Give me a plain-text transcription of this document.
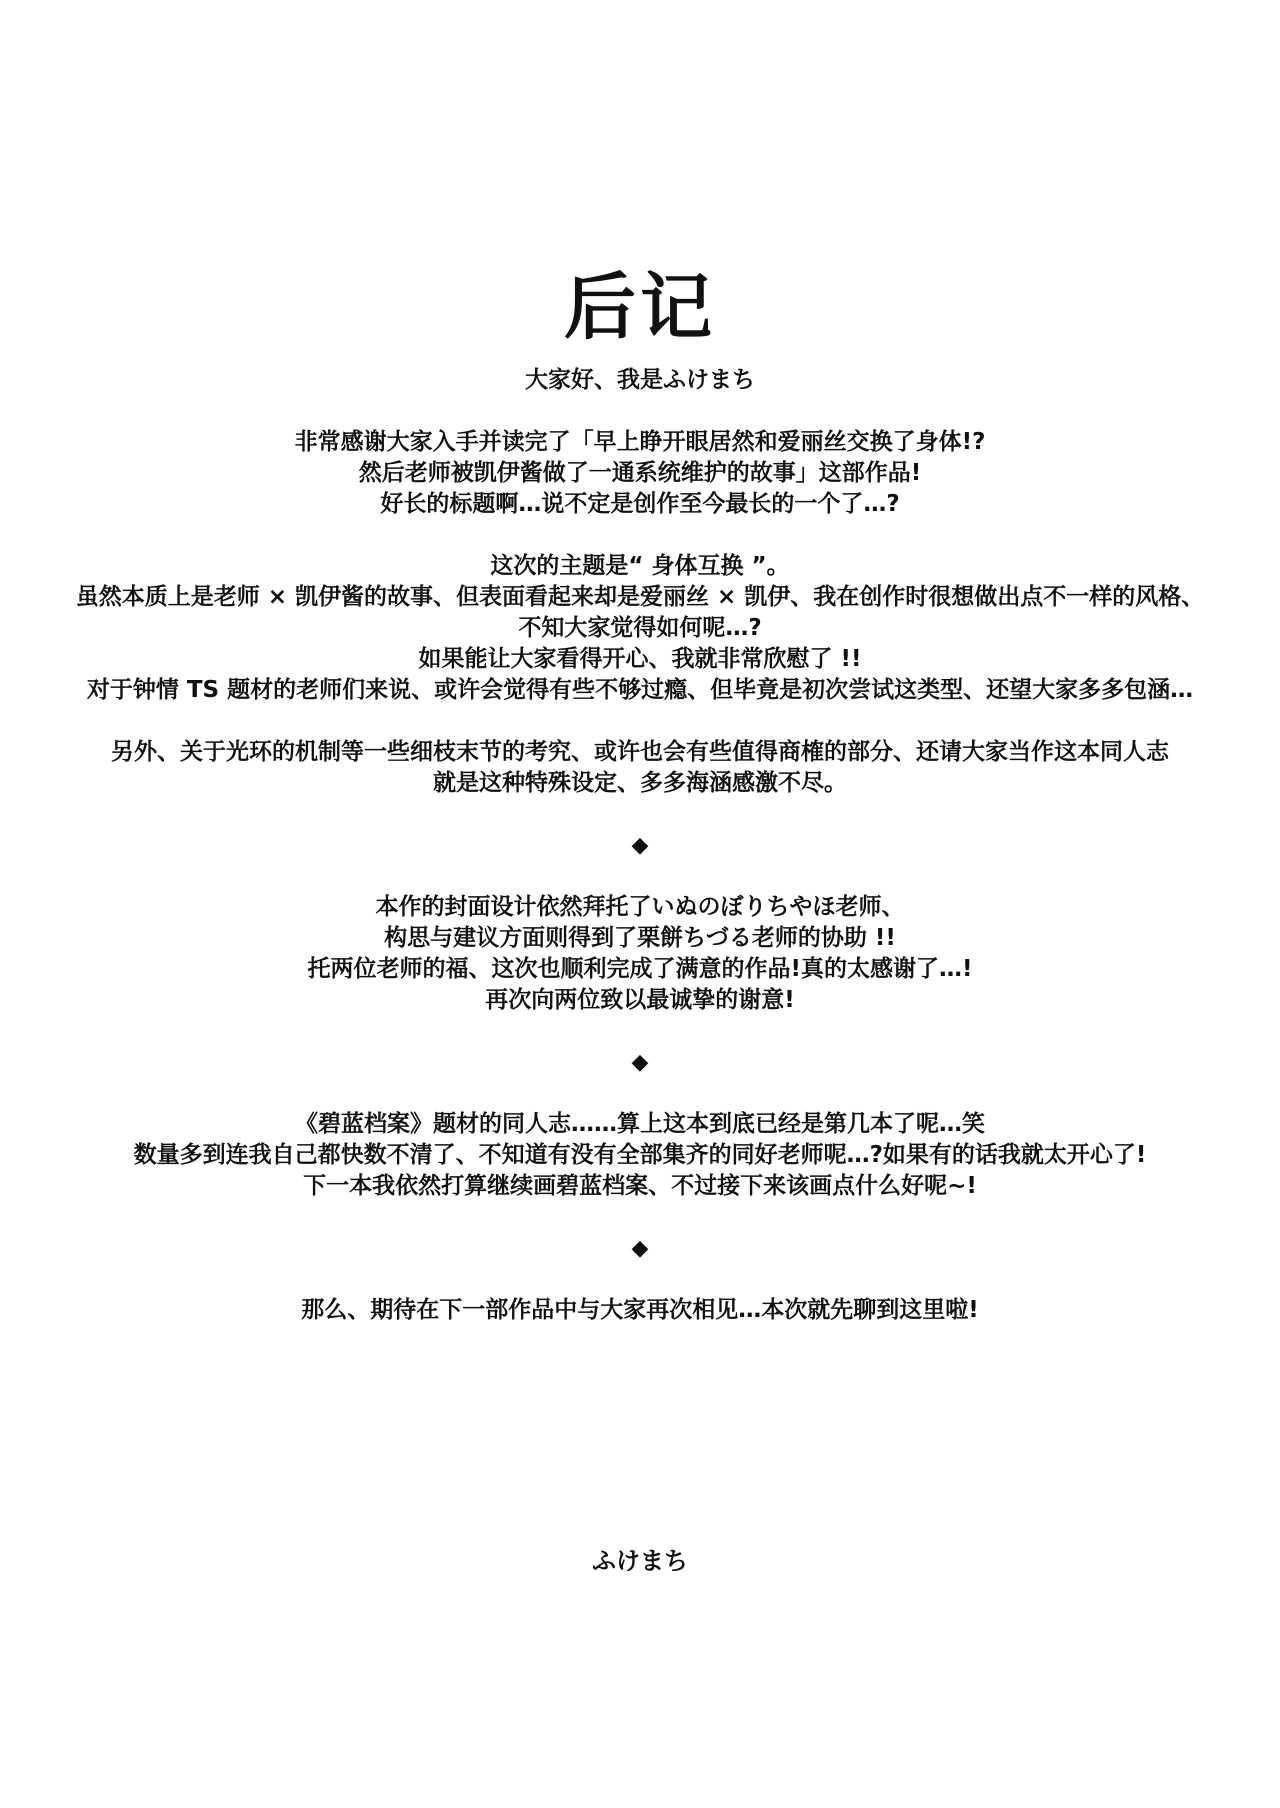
后记
大家好、我是ふけまち
非常感谢大家入手并读完了「早上睁开眼居然和爱丽丝交换了身体!?
然后老师被凯伊酱做了一通系统维护的故事」这部作品!
好长的标题啊…说不定是创作至今最长的一个了…?
这次的主题是“ 身体互换 ”。
虽然本质上是老师 × 凯伊酱的故事、但表面看起来却是爱丽丝 × 凯伊、我在创作时很想做出点不一样的风格、
不知大家觉得如何呢…?
如果能让大家看得开心、我就非常欣慰了 !!
对于钟情 TS 题材的老师们来说、或许会觉得有些不够过瘾、但毕竟是初次尝试这类型、还望大家多多包涵…
另外、关于光环的机制等一些细枝末节的考究、或许也会有些值得商榷的部分、还请大家当作这本同人志
就是这种特殊设定、多多海涵感激不尽。
◆
本作的封面设计依然拜托了いぬのぼりちやほ老师、
构思与建议方面则得到了栗餅ちづる老师的协助 !!
托两位老师的福、这次也顺利完成了满意的作品!真的太感谢了…!
再次向两位致以最诚挚的谢意!
◆
《碧蓝档案》题材的同人志……算上这本到底已经是第几本了呢…笑
数量多到连我自己都快数不清了、不知道有没有全部集齐的同好老师呢…?如果有的话我就太开心了!
下一本我依然打算继续画碧蓝档案、不过接下来该画点什么好呢~!
◆
那么、期待在下一部作品中与大家再次相见…本次就先聊到这里啦!
ふけまち
